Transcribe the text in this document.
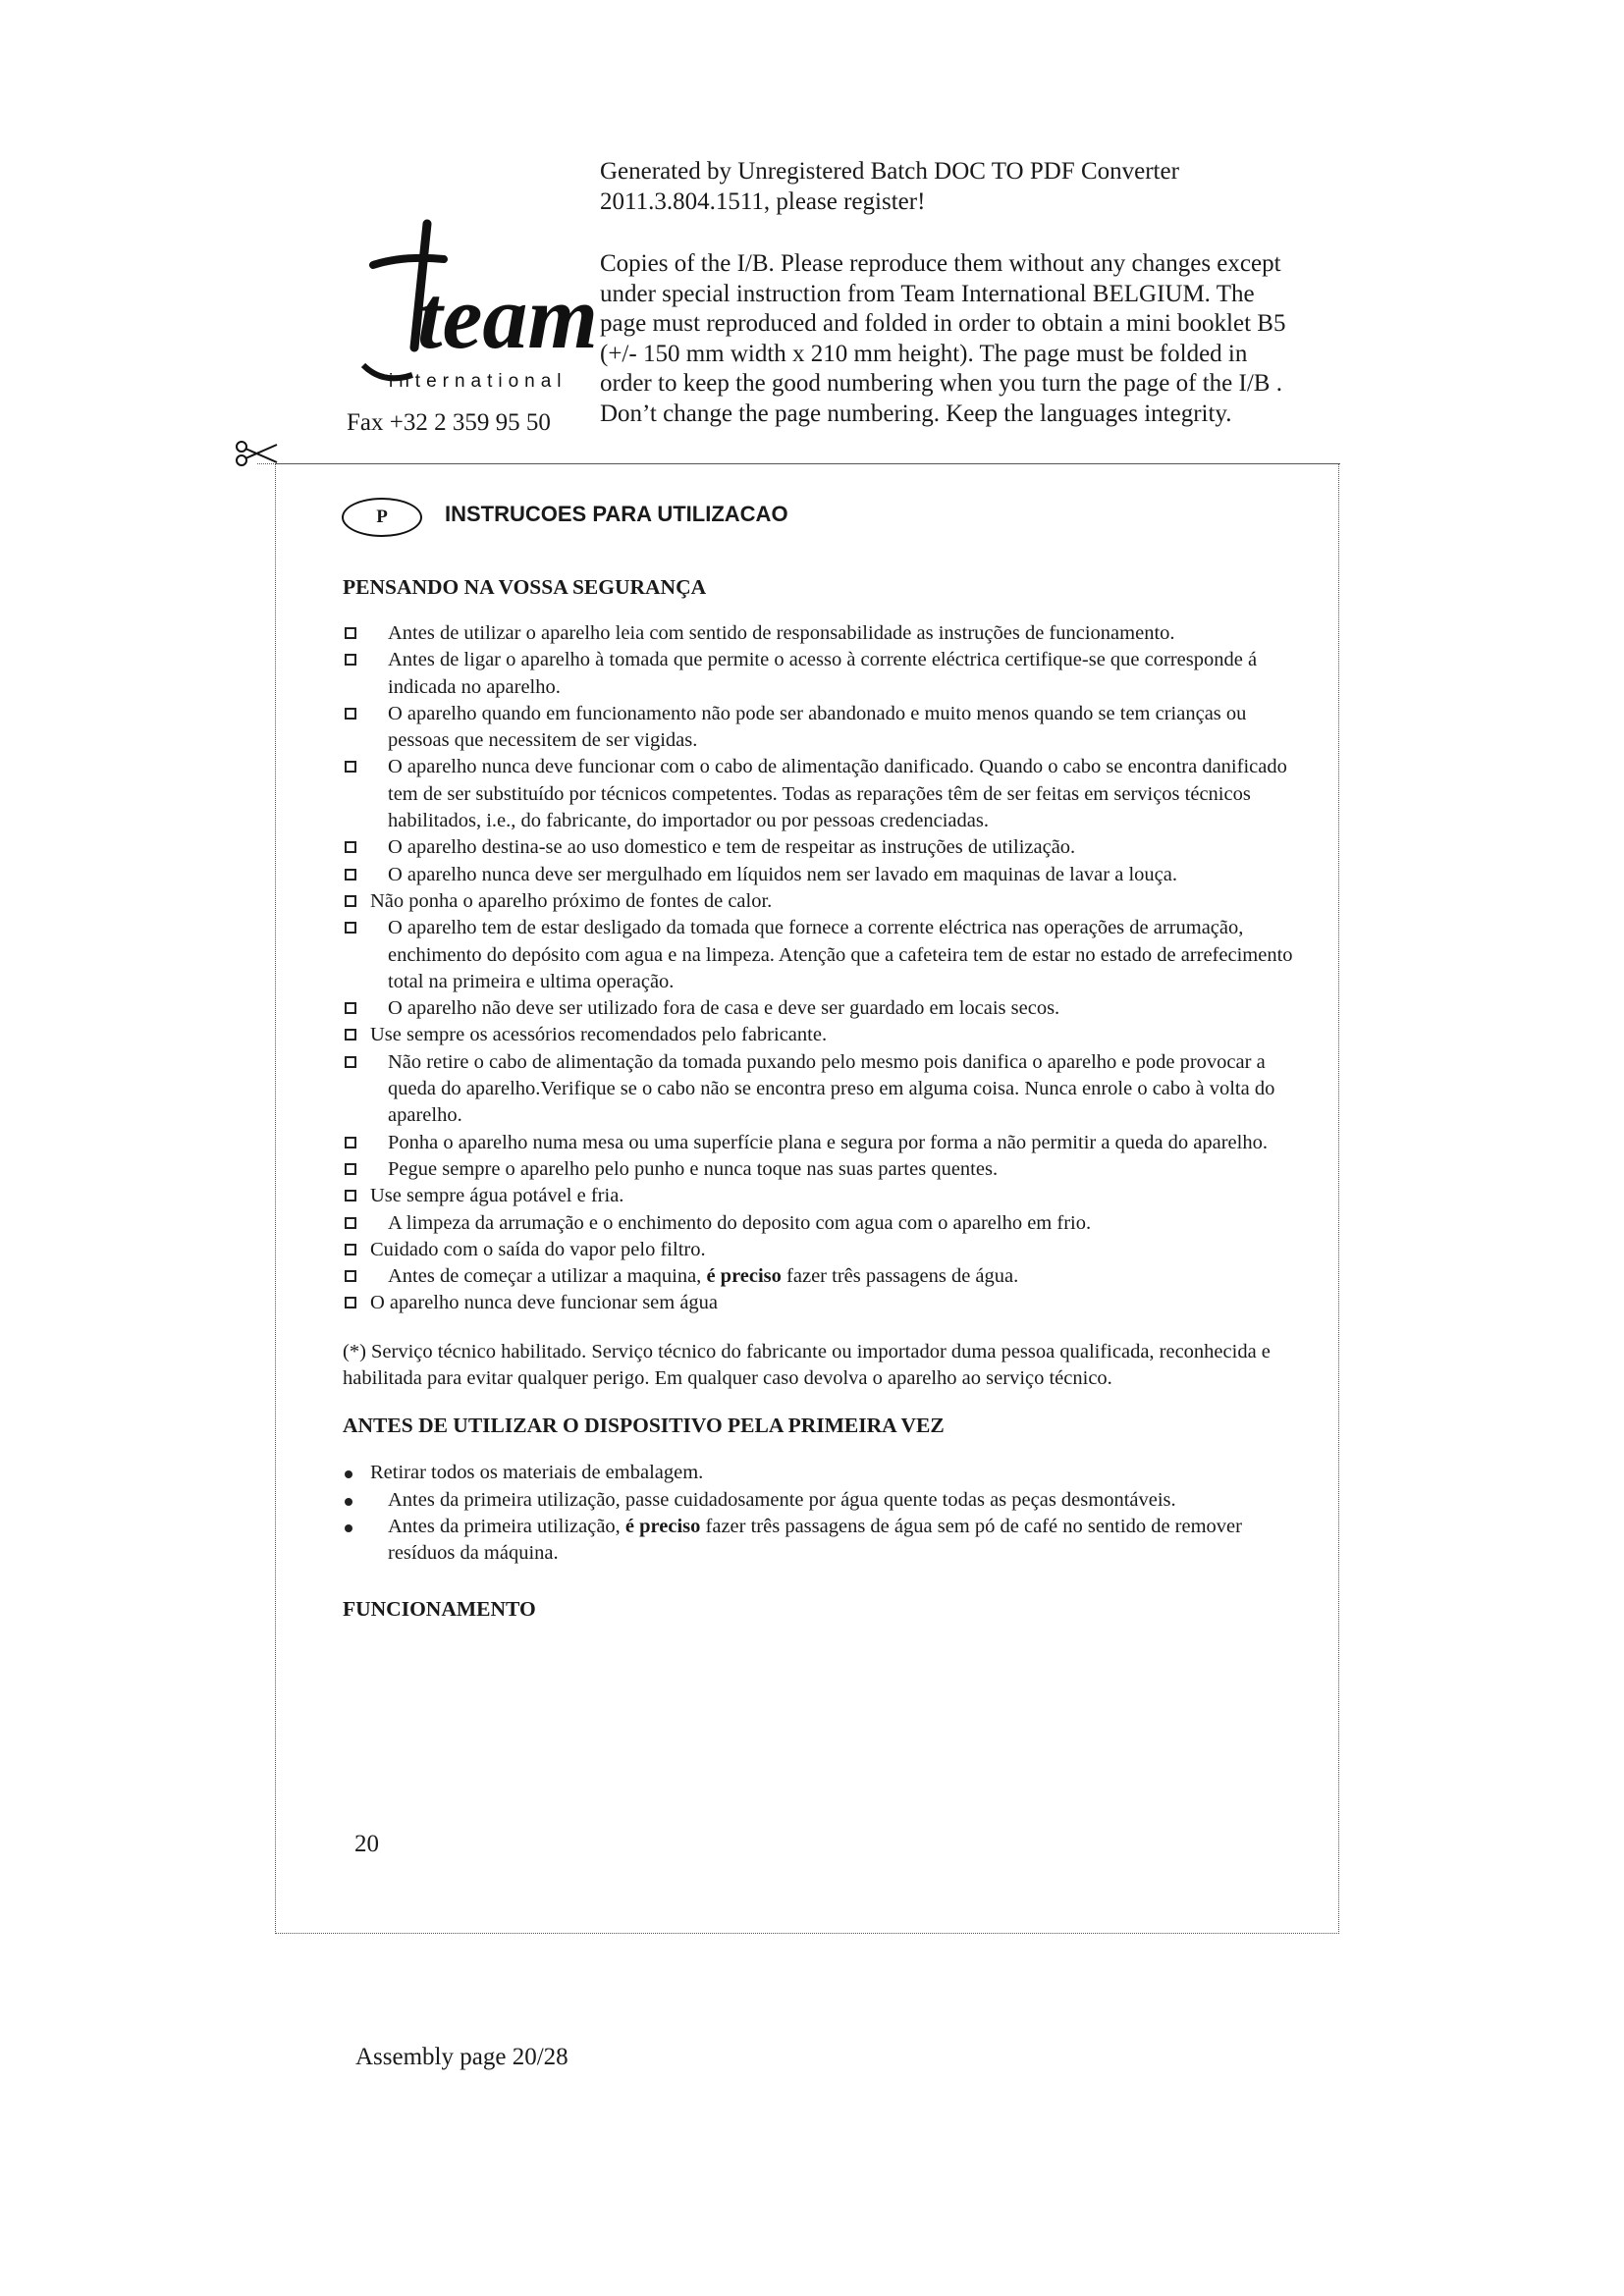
Generated by Unregistered Batch DOC TO PDF Converter 2011.3.804.1511, please register!

Copies of the I/B. Please reproduce them without any changes except under special instruction from Team International BELGIUM. The page must reproduced and folded in order to obtain a mini booklet B5 (+/- 150 mm width x 210 mm height). The page must be folded in order to keep the good numbering when you turn the page of the I/B . Don’t change the page numbering. Keep the languages integrity.

team
international
Fax +32 2 359 95 50
P	INSTRUCOES PARA UTILIZACAO
PENSANDO NA VOSSA SEGURANÇA
Antes de utilizar o aparelho leia com sentido de responsabilidade as instruções de funcionamento.
Antes de ligar o aparelho à tomada que permite o acesso à corrente eléctrica certifique-se que corresponde á indicada no aparelho.
O aparelho quando em funcionamento não pode ser abandonado e muito menos quando se tem crianças ou pessoas que necessitem de ser vigidas.
O aparelho nunca deve funcionar com o cabo de alimentação danificado. Quando o cabo se encontra danificado tem de ser substituído por técnicos competentes. Todas as reparações têm de ser feitas em serviços técnicos habilitados, i.e., do fabricante, do importador ou por pessoas credenciadas.
O aparelho destina-se ao uso domestico e tem de respeitar as instruções de utilização.
O aparelho nunca deve ser mergulhado em líquidos nem ser lavado em maquinas de lavar a louça.
Não ponha o aparelho próximo de fontes de calor.
O aparelho tem de estar desligado da tomada que fornece a corrente eléctrica nas operações de arrumação, enchimento do depósito com agua e na limpeza. Atenção que a cafeteira tem de estar no estado de arrefecimento total na primeira e ultima operação.
O aparelho não deve ser utilizado fora de casa e deve ser guardado em locais secos.
Use sempre os acessórios recomendados pelo fabricante.
Não retire o cabo de alimentação da tomada puxando pelo mesmo pois danifica o aparelho e pode provocar a queda do aparelho.Verifique se o cabo não se encontra preso em alguma coisa. Nunca enrole o cabo à volta do aparelho.
Ponha o aparelho numa mesa ou uma superfície plana e segura por forma a não permitir a queda do aparelho.
Pegue sempre o aparelho pelo punho e nunca toque nas suas partes quentes.
Use sempre água potável e fria.
A limpeza da arrumação e o enchimento do deposito com agua com o aparelho em frio.
Cuidado com o saída do vapor pelo filtro.
Antes de começar a utilizar a maquina, é preciso fazer três passagens de água.
O aparelho nunca deve funcionar sem água

(*) Serviço técnico habilitado. Serviço técnico do fabricante ou importador duma pessoa qualificada, reconhecida e habilitada para evitar qualquer perigo. Em qualquer caso devolva o aparelho ao serviço técnico.

ANTES DE UTILIZAR O DISPOSITIVO PELA PRIMEIRA VEZ
Retirar todos os materiais de embalagem.
Antes da primeira utilização, passe cuidadosamente por água quente todas as peças desmontáveis.
Antes da primeira utilização, é preciso fazer três passagens de água sem pó de café no sentido de remover resíduos da máquina.
FUNCIONAMENTO
20
Assembly page 20/28
